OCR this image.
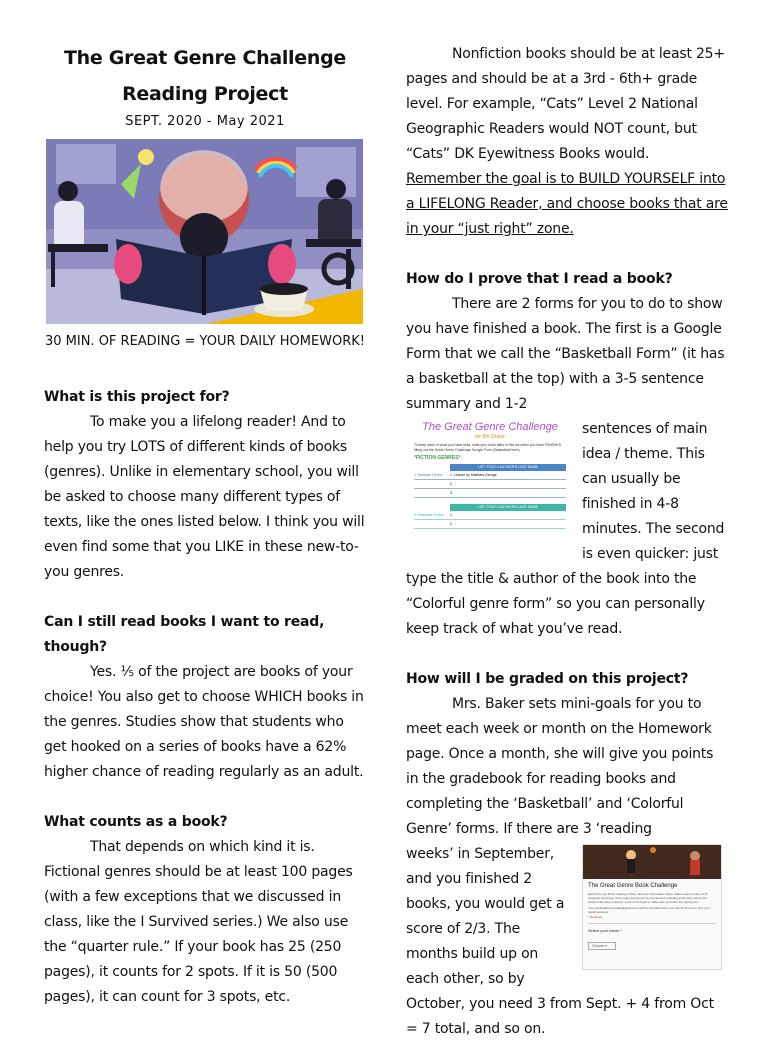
The Great Genre Challenge
Reading Project
SEPT. 2020 - May 2021
30 MIN. OF READING = YOUR DAILY HOMEWORK!
What is this project for?

To make you a lifelong reader! And to help you try LOTS of different kinds of books (genres). Unlike in elementary school, you will be asked to choose many different types of texts, like the ones listed below. I think you will even find some that you LIKE in these new-to-you genres.

Can I still read books I want to read, though?

Yes. ⅕ of the project are books of your choice! You also get to choose WHICH books in the genres. Studies show that students who get hooked on a series of books have a 62% higher chance of reading regularly as an adult.

What counts as a book?

That depends on which kind it is. Fictional genres should be at least 100 pages (with a few exceptions that we discussed in class, like the I Survived series.) We also use the “quarter rule.” If your book has 25 (250 pages), it counts for 2 spots. If it is 50 (500 pages), it can count for 3 spots, etc.

Nonfiction books should be at least 25+ pages and should be at a 3rd - 6th+ grade level. For example, “Cats” Level 2 National Geographic Readers would NOT count, but “Cats” DK Eyewitness Books would. Remember the goal is to BUILD YOURSELF into a LIFELONG Reader, and choose books that are in your “just right” zone.

How do I prove that I read a book?

There are 2 forms for you to do to show you have finished a book. The first is a Google Form that we call the “Basketball Form” (it has a basketball at the top) with a 3-5 sentence summary and 1-2

The Great Genre Challenge
for 6th Grade
To keep track of what you have read, write your book titles in this list when you have FINISHED filling out the Great Genre Challenge Google Form (Basketball form).
*FICTION GENRES*
LIST TITLE // AUTHOR'S LAST NAME
1: Realistic Fiction	1. Linsom by Matthew George
2.
3.
LIST TITLE // AUTHOR'S LAST NAME
2: Historical Fiction	1.
2.

sentences of main idea / theme. This can usually be finished in 4-8 minutes. The second is even quicker: just type the title & author of the book into the “Colorful genre form” so you can personally keep track of what you’ve read.

How will I be graded on this project?

Mrs. Baker sets mini-goals for you to meet each week or month on the Homework page. Once a month, she will give you points in the gradebook for reading books and completing the ‘Basketball’ and ‘Colorful Genre’ forms. If there are 3 ‘reading

The Great Genre Book Challenge
Each time you finish reading a book, write the information below. Make sure to write a 3-5* sentence summary of the major events and 1-2 sentences including information about the book's main idea or theme. Look in the book to make sure you have the right genre.
Your email address (fake@gmail.com) will be recorded when you submit this form. Not you? Switch account
* Required
Select your name *
Choose ▾

weeks’ in September, and you finished 2 books, you would get a score of 2/3. The months build up on each other, so by October, you need 3 from Sept. + 4 from Oct = 7 total, and so on.
